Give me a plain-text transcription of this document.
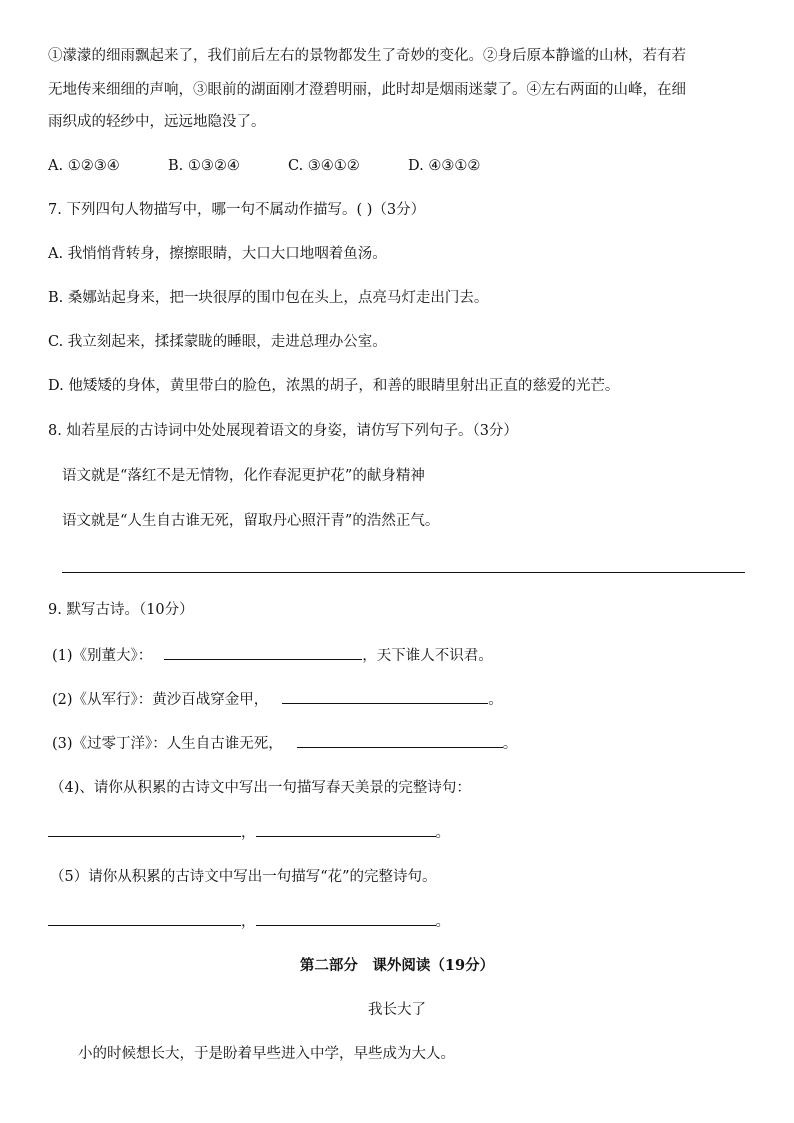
①濛濛的细雨飘起来了，我们前后左右的景物都发生了奇妙的变化。②身后原本静谧的山林，若有若
无地传来细细的声响，③眼前的湖面刚才澄碧明丽，此时却是烟雨迷蒙了。④左右两面的山峰，在细
雨织成的轻纱中，远远地隐没了。
A. ①②③④	B. ①③②④	C. ③④①②	D. ④③①②
7. 下列四句人物描写中，哪一句不属动作描写。( )（3分）
A. 我悄悄背转身，擦擦眼睛，大口大口地咽着鱼汤。
B. 桑娜站起身来，把一块很厚的围巾包在头上，点亮马灯走出门去。
C. 我立刻起来，揉揉蒙眬的睡眼，走进总理办公室。
D. 他矮矮的身体，黄里带白的脸色，浓黑的胡子，和善的眼睛里射出正直的慈爱的光芒。
8. 灿若星辰的古诗词中处处展现着语文的身姿，请仿写下列句子。（3分）
语文就是“落红不是无情物，化作春泥更护花”的献身精神
语文就是“人生自古谁无死，留取丹心照汗青”的浩然正气。
9. 默写古诗。（10分）
(1)《别董大》：	，天下谁人不识君。
(2)《从军行》：黄沙百战穿金甲，	。
(3)《过零丁洋》：人生自古谁无死，	。
（4)、请你从积累的古诗文中写出一句描写春天美景的完整诗句：
，	。
（5）请你从积累的古诗文中写出一句描写“花”的完整诗句。
，	。
第二部分　课外阅读（19分）
我长大了
小的时候想长大，于是盼着早些进入中学，早些成为大人。
